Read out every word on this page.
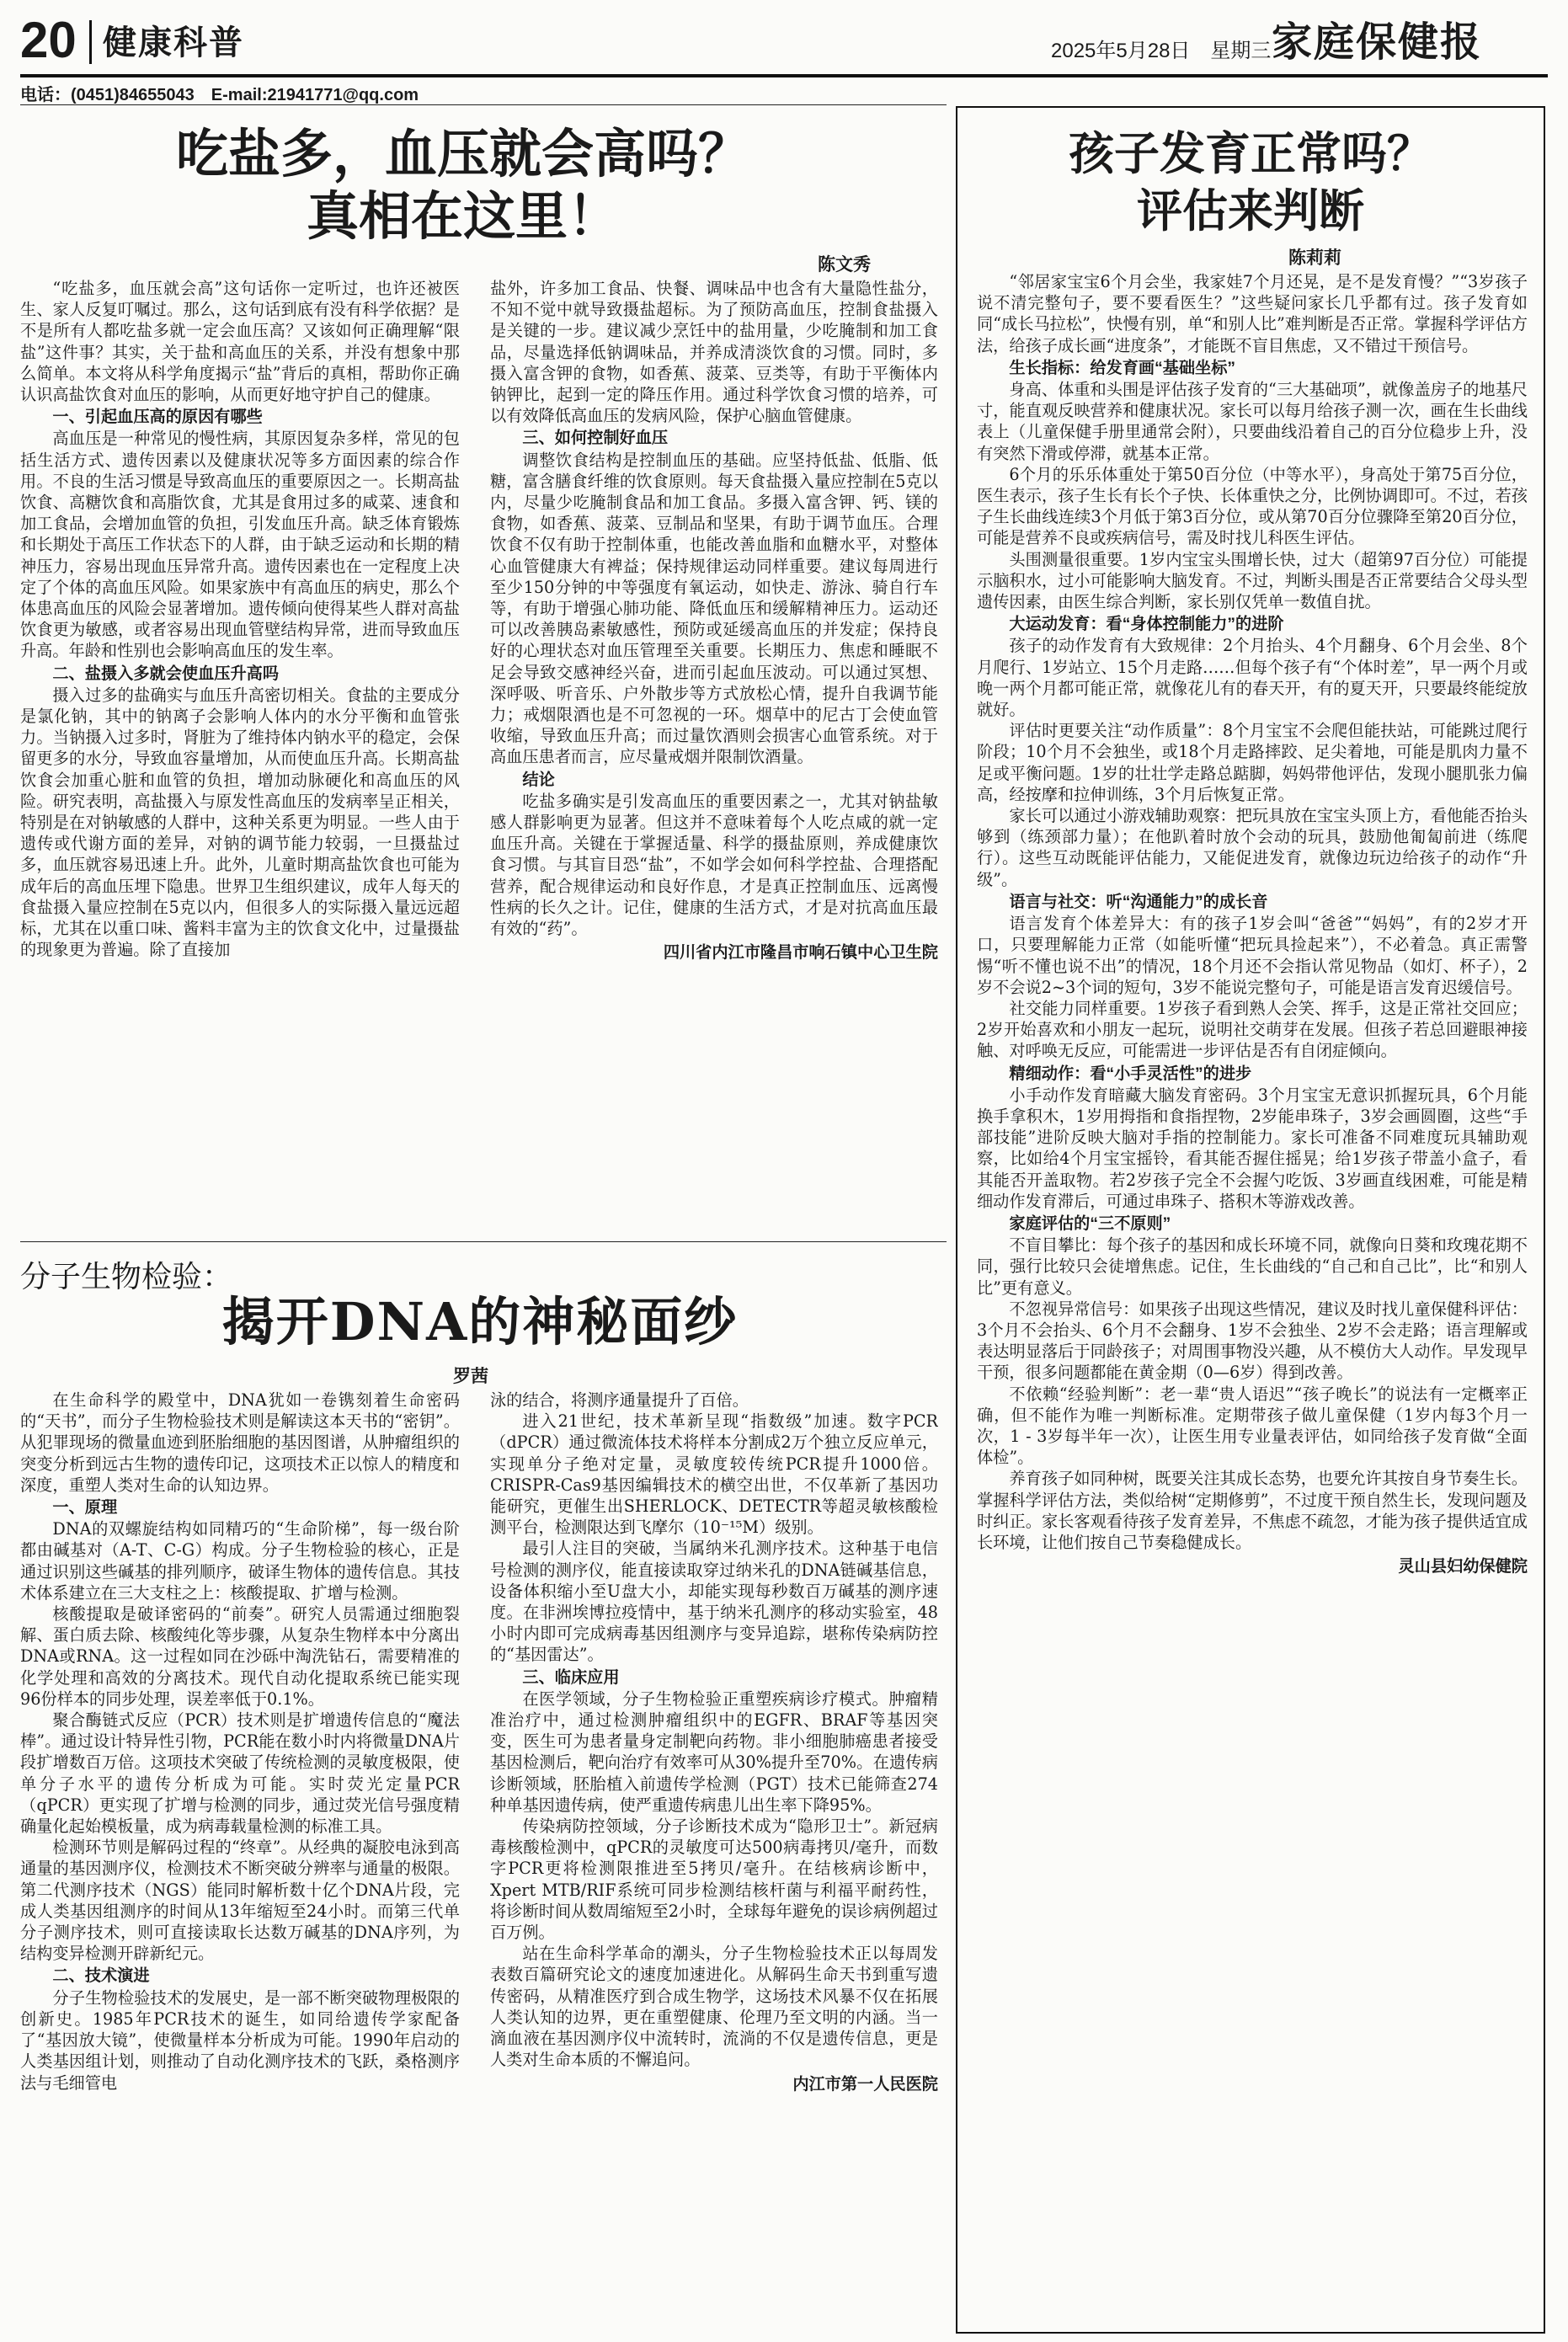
20 健康科普	2025年5月28日　星期三 家庭保健报
电话：(0451)84655043　E-mail:21941771@qq.com
吃盐多，血压就会高吗？
真相在这里！
陈文秀

“吃盐多，血压就会高”这句话你一定听过，也许还被医生、家人反复叮嘱过。那么，这句话到底有没有科学依据？是不是所有人都吃盐多就一定会血压高？又该如何正确理解“限盐”这件事？其实，关于盐和高血压的关系，并没有想象中那么简单。本文将从科学角度揭示“盐”背后的真相，帮助你正确认识高盐饮食对血压的影响，从而更好地守护自己的健康。

一、引起血压高的原因有哪些

高血压是一种常见的慢性病，其原因复杂多样，常见的包括生活方式、遗传因素以及健康状况等多方面因素的综合作用。不良的生活习惯是导致高血压的重要原因之一。长期高盐饮食、高糖饮食和高脂饮食，尤其是食用过多的咸菜、速食和加工食品，会增加血管的负担，引发血压升高。缺乏体育锻炼和长期处于高压工作状态下的人群，由于缺乏运动和长期的精神压力，容易出现血压异常升高。遗传因素也在一定程度上决定了个体的高血压风险。如果家族中有高血压的病史，那么个体患高血压的风险会显著增加。遗传倾向使得某些人群对高盐饮食更为敏感，或者容易出现血管壁结构异常，进而导致血压升高。年龄和性别也会影响高血压的发生率。

二、盐摄入多就会使血压升高吗

摄入过多的盐确实与血压升高密切相关。食盐的主要成分是氯化钠，其中的钠离子会影响人体内的水分平衡和血管张力。当钠摄入过多时，肾脏为了维持体内钠水平的稳定，会保留更多的水分，导致血容量增加，从而使血压升高。长期高盐饮食会加重心脏和血管的负担，增加动脉硬化和高血压的风险。研究表明，高盐摄入与原发性高血压的发病率呈正相关，特别是在对钠敏感的人群中，这种关系更为明显。一些人由于遗传或代谢方面的差异，对钠的调节能力较弱，一旦摄盐过多，血压就容易迅速上升。此外，儿童时期高盐饮食也可能为成年后的高血压埋下隐患。世界卫生组织建议，成年人每天的食盐摄入量应控制在5克以内，但很多人的实际摄入量远远超标，尤其在以重口味、酱料丰富为主的饮食文化中，过量摄盐的现象更为普遍。除了直接加

盐外，许多加工食品、快餐、调味品中也含有大量隐性盐分，不知不觉中就导致摄盐超标。为了预防高血压，控制食盐摄入是关键的一步。建议减少烹饪中的盐用量，少吃腌制和加工食品，尽量选择低钠调味品，并养成清淡饮食的习惯。同时，多摄入富含钾的食物，如香蕉、菠菜、豆类等，有助于平衡体内钠钾比，起到一定的降压作用。通过科学饮食习惯的培养，可以有效降低高血压的发病风险，保护心脑血管健康。

三、如何控制好血压

调整饮食结构是控制血压的基础。应坚持低盐、低脂、低糖，富含膳食纤维的饮食原则。每天食盐摄入量应控制在5克以内，尽量少吃腌制食品和加工食品。多摄入富含钾、钙、镁的食物，如香蕉、菠菜、豆制品和坚果，有助于调节血压。合理饮食不仅有助于控制体重，也能改善血脂和血糖水平，对整体心血管健康大有裨益；保持规律运动同样重要。建议每周进行至少150分钟的中等强度有氧运动，如快走、游泳、骑自行车等，有助于增强心肺功能、降低血压和缓解精神压力。运动还可以改善胰岛素敏感性，预防或延缓高血压的并发症；保持良好的心理状态对血压管理至关重要。长期压力、焦虑和睡眠不足会导致交感神经兴奋，进而引起血压波动。可以通过冥想、深呼吸、听音乐、户外散步等方式放松心情，提升自我调节能力；戒烟限酒也是不可忽视的一环。烟草中的尼古丁会使血管收缩，导致血压升高；而过量饮酒则会损害心血管系统。对于高血压患者而言，应尽量戒烟并限制饮酒量。

结论

吃盐多确实是引发高血压的重要因素之一，尤其对钠盐敏感人群影响更为显著。但这并不意味着每个人吃点咸的就一定血压升高。关键在于掌握适量、科学的摄盐原则，养成健康饮食习惯。与其盲目恐“盐”，不如学会如何科学控盐、合理搭配营养，配合规律运动和良好作息，才是真正控制血压、远离慢性病的长久之计。记住，健康的生活方式，才是对抗高血压最有效的“药”。

四川省内江市隆昌市响石镇中心卫生院

分子生物检验：
揭开DNA的神秘面纱
罗茜

在生命科学的殿堂中，DNA犹如一卷镌刻着生命密码的“天书”，而分子生物检验技术则是解读这本天书的“密钥”。从犯罪现场的微量血迹到胚胎细胞的基因图谱，从肿瘤组织的突变分析到远古生物的遗传印记，这项技术正以惊人的精度和深度，重塑人类对生命的认知边界。

一、原理

DNA的双螺旋结构如同精巧的“生命阶梯”，每一级台阶都由碱基对（A-T、C-G）构成。分子生物检验的核心，正是通过识别这些碱基的排列顺序，破译生物体的遗传信息。其技术体系建立在三大支柱之上：核酸提取、扩增与检测。

核酸提取是破译密码的“前奏”。研究人员需通过细胞裂解、蛋白质去除、核酸纯化等步骤，从复杂生物样本中分离出DNA或RNA。这一过程如同在沙砾中淘洗钻石，需要精准的化学处理和高效的分离技术。现代自动化提取系统已能实现96份样本的同步处理，误差率低于0.1%。

聚合酶链式反应（PCR）技术则是扩增遗传信息的“魔法棒”。通过设计特异性引物，PCR能在数小时内将微量DNA片段扩增数百万倍。这项技术突破了传统检测的灵敏度极限，使单分子水平的遗传分析成为可能。实时荧光定量PCR（qPCR）更实现了扩增与检测的同步，通过荧光信号强度精确量化起始模板量，成为病毒载量检测的标准工具。

检测环节则是解码过程的“终章”。从经典的凝胶电泳到高通量的基因测序仪，检测技术不断突破分辨率与通量的极限。第二代测序技术（NGS）能同时解析数十亿个DNA片段，完成人类基因组测序的时间从13年缩短至24小时。而第三代单分子测序技术，则可直接读取长达数万碱基的DNA序列，为结构变异检测开辟新纪元。

二、技术演进

分子生物检验技术的发展史，是一部不断突破物理极限的创新史。1985年PCR技术的诞生，如同给遗传学家配备了“基因放大镜”，使微量样本分析成为可能。1990年启动的人类基因组计划，则推动了自动化测序技术的飞跃，桑格测序法与毛细管电

泳的结合，将测序通量提升了百倍。

进入21世纪，技术革新呈现“指数级”加速。数字PCR（dPCR）通过微流体技术将样本分割成2万个独立反应单元，实现单分子绝对定量，灵敏度较传统PCR提升1000倍。CRISPR-Cas9基因编辑技术的横空出世，不仅革新了基因功能研究，更催生出SHERLOCK、DETECTR等超灵敏核酸检测平台，检测限达到飞摩尔（10⁻¹⁵M）级别。

最引人注目的突破，当属纳米孔测序技术。这种基于电信号检测的测序仪，能直接读取穿过纳米孔的DNA链碱基信息，设备体积缩小至U盘大小，却能实现每秒数百万碱基的测序速度。在非洲埃博拉疫情中，基于纳米孔测序的移动实验室，48小时内即可完成病毒基因组测序与变异追踪，堪称传染病防控的“基因雷达”。

三、临床应用

在医学领域，分子生物检验正重塑疾病诊疗模式。肿瘤精准治疗中，通过检测肿瘤组织中的EGFR、BRAF等基因突变，医生可为患者量身定制靶向药物。非小细胞肺癌患者接受基因检测后，靶向治疗有效率可从30%提升至70%。在遗传病诊断领域，胚胎植入前遗传学检测（PGT）技术已能筛查274种单基因遗传病，使严重遗传病患儿出生率下降95%。

传染病防控领域，分子诊断技术成为“隐形卫士”。新冠病毒核酸检测中，qPCR的灵敏度可达500病毒拷贝/毫升，而数字PCR更将检测限推进至5拷贝/毫升。在结核病诊断中，Xpert MTB/RIF系统可同步检测结核杆菌与利福平耐药性，将诊断时间从数周缩短至2小时，全球每年避免的误诊病例超过百万例。

站在生命科学革命的潮头，分子生物检验技术正以每周发表数百篇研究论文的速度加速进化。从解码生命天书到重写遗传密码，从精准医疗到合成生物学，这场技术风暴不仅在拓展人类认知的边界，更在重塑健康、伦理乃至文明的内涵。当一滴血液在基因测序仪中流转时，流淌的不仅是遗传信息，更是人类对生命本质的不懈追问。

内江市第一人民医院

孩子发育正常吗？
评估来判断
陈莉莉

“邻居家宝宝6个月会坐，我家娃7个月还晃，是不是发育慢？”“3岁孩子说不清完整句子，要不要看医生？”这些疑问家长几乎都有过。孩子发育如同“成长马拉松”，快慢有别，单“和别人比”难判断是否正常。掌握科学评估方法，给孩子成长画“进度条”，才能既不盲目焦虑，又不错过干预信号。

生长指标：给发育画“基础坐标”

身高、体重和头围是评估孩子发育的“三大基础项”，就像盖房子的地基尺寸，能直观反映营养和健康状况。家长可以每月给孩子测一次，画在生长曲线表上（儿童保健手册里通常会附），只要曲线沿着自己的百分位稳步上升，没有突然下滑或停滞，就基本正常。

6个月的乐乐体重处于第50百分位（中等水平），身高处于第75百分位，医生表示，孩子生长有长个子快、长体重快之分，比例协调即可。不过，若孩子生长曲线连续3个月低于第3百分位，或从第70百分位骤降至第20百分位，可能是营养不良或疾病信号，需及时找儿科医生评估。

头围测量很重要。1岁内宝宝头围增长快，过大（超第97百分位）可能提示脑积水，过小可能影响大脑发育。不过，判断头围是否正常要结合父母头型遗传因素，由医生综合判断，家长别仅凭单一数值自扰。

大运动发育：看“身体控制能力”的进阶

孩子的动作发育有大致规律：2个月抬头、4个月翻身、6个月会坐、8个月爬行、1岁站立、15个月走路……但每个孩子有“个体时差”，早一两个月或晚一两个月都可能正常，就像花儿有的春天开，有的夏天开，只要最终能绽放就好。

评估时更要关注“动作质量”：8个月宝宝不会爬但能扶站，可能跳过爬行阶段；10个月不会独坐，或18个月走路摔跤、足尖着地，可能是肌肉力量不足或平衡问题。1岁的壮壮学走路总踮脚，妈妈带他评估，发现小腿肌张力偏高，经按摩和拉伸训练，3个月后恢复正常。

家长可以通过小游戏辅助观察：把玩具放在宝宝头顶上方，看他能否抬头够到（练颈部力量）；在他趴着时放个会动的玩具，鼓励他匍匐前进（练爬行）。这些互动既能评估能力，又能促进发育，就像边玩边给孩子的动作“升级”。

语言与社交：听“沟通能力”的成长音

语言发育个体差异大：有的孩子1岁会叫“爸爸”“妈妈”，有的2岁才开口，只要理解能力正常（如能听懂“把玩具捡起来”），不必着急。真正需警惕“听不懂也说不出”的情况，18个月还不会指认常见物品（如灯、杯子），2岁不会说2~3个词的短句，3岁不能说完整句子，可能是语言发育迟缓信号。

社交能力同样重要。1岁孩子看到熟人会笑、挥手，这是正常社交回应；2岁开始喜欢和小朋友一起玩，说明社交萌芽在发展。但孩子若总回避眼神接触、对呼唤无反应，可能需进一步评估是否有自闭症倾向。

精细动作：看“小手灵活性”的进步

小手动作发育暗藏大脑发育密码。3个月宝宝无意识抓握玩具，6个月能换手拿积木，1岁用拇指和食指捏物，2岁能串珠子，3岁会画圆圈，这些“手部技能”进阶反映大脑对手指的控制能力。家长可准备不同难度玩具辅助观察，比如给4个月宝宝摇铃，看其能否握住摇晃；给1岁孩子带盖小盒子，看其能否开盖取物。若2岁孩子完全不会握勺吃饭、3岁画直线困难，可能是精细动作发育滞后，可通过串珠子、搭积木等游戏改善。

家庭评估的“三不原则”

不盲目攀比：每个孩子的基因和成长环境不同，就像向日葵和玫瑰花期不同，强行比较只会徒增焦虑。记住，生长曲线的“自己和自己比”，比“和别人比”更有意义。

不忽视异常信号：如果孩子出现这些情况，建议及时找儿童保健科评估：3个月不会抬头、6个月不会翻身、1岁不会独坐、2岁不会走路；语言理解或表达明显落后于同龄孩子；对周围事物没兴趣，从不模仿大人动作。早发现早干预，很多问题都能在黄金期（0—6岁）得到改善。

不依赖“经验判断”：老一辈“贵人语迟”“孩子晚长”的说法有一定概率正确，但不能作为唯一判断标准。定期带孩子做儿童保健（1岁内每3个月一次，1 - 3岁每半年一次），让医生用专业量表评估，如同给孩子发育做“全面体检”。

养育孩子如同种树，既要关注其成长态势，也要允许其按自身节奏生长。掌握科学评估方法，类似给树“定期修剪”，不过度干预自然生长，发现问题及时纠正。家长客观看待孩子发育差异，不焦虑不疏忽，才能为孩子提供适宜成长环境，让他们按自己节奏稳健成长。

灵山县妇幼保健院
